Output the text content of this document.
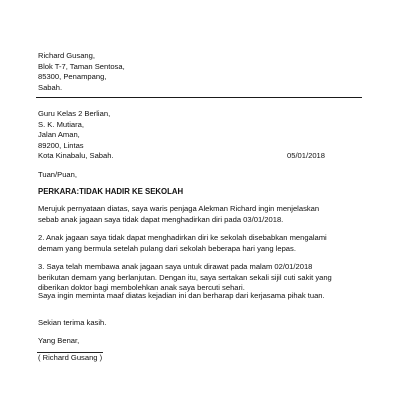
Richard Gusang,
Blok T-7, Taman Sentosa,
85300, Penampang,
Sabah.
Guru Kelas 2 Berlian,
S. K. Mutiara,
Jalan Aman,
89200, Lintas
Kota Kinabalu, Sabah.	05/01/2018
Tuan/Puan,
PERKARA:TIDAK HADIR KE SEKOLAH
Merujuk pernyataan diatas, saya waris penjaga Alekman Richard ingin menjelaskan
sebab anak jagaan saya tidak dapat menghadirkan diri pada 03/01/2018.
2. Anak jagaan saya tidak dapat menghadirkan diri ke sekolah disebabkan mengalami
demam yang bermula setelah pulang dari sekolah beberapa hari yang lepas.
3. Saya telah membawa anak jagaan saya untuk dirawat pada malam 02/01/2018
berikutan demam yang berlanjutan. Dengan itu, saya sertakan sekali sijil cuti sakit yang
diberikan doktor bagi membolehkan anak saya bercuti sehari.
Saya ingin meminta maaf diatas kejadian ini dan berharap dari kerjasama pihak tuan.
Sekian terima kasih.
Yang Benar,
( Richard Gusang )
